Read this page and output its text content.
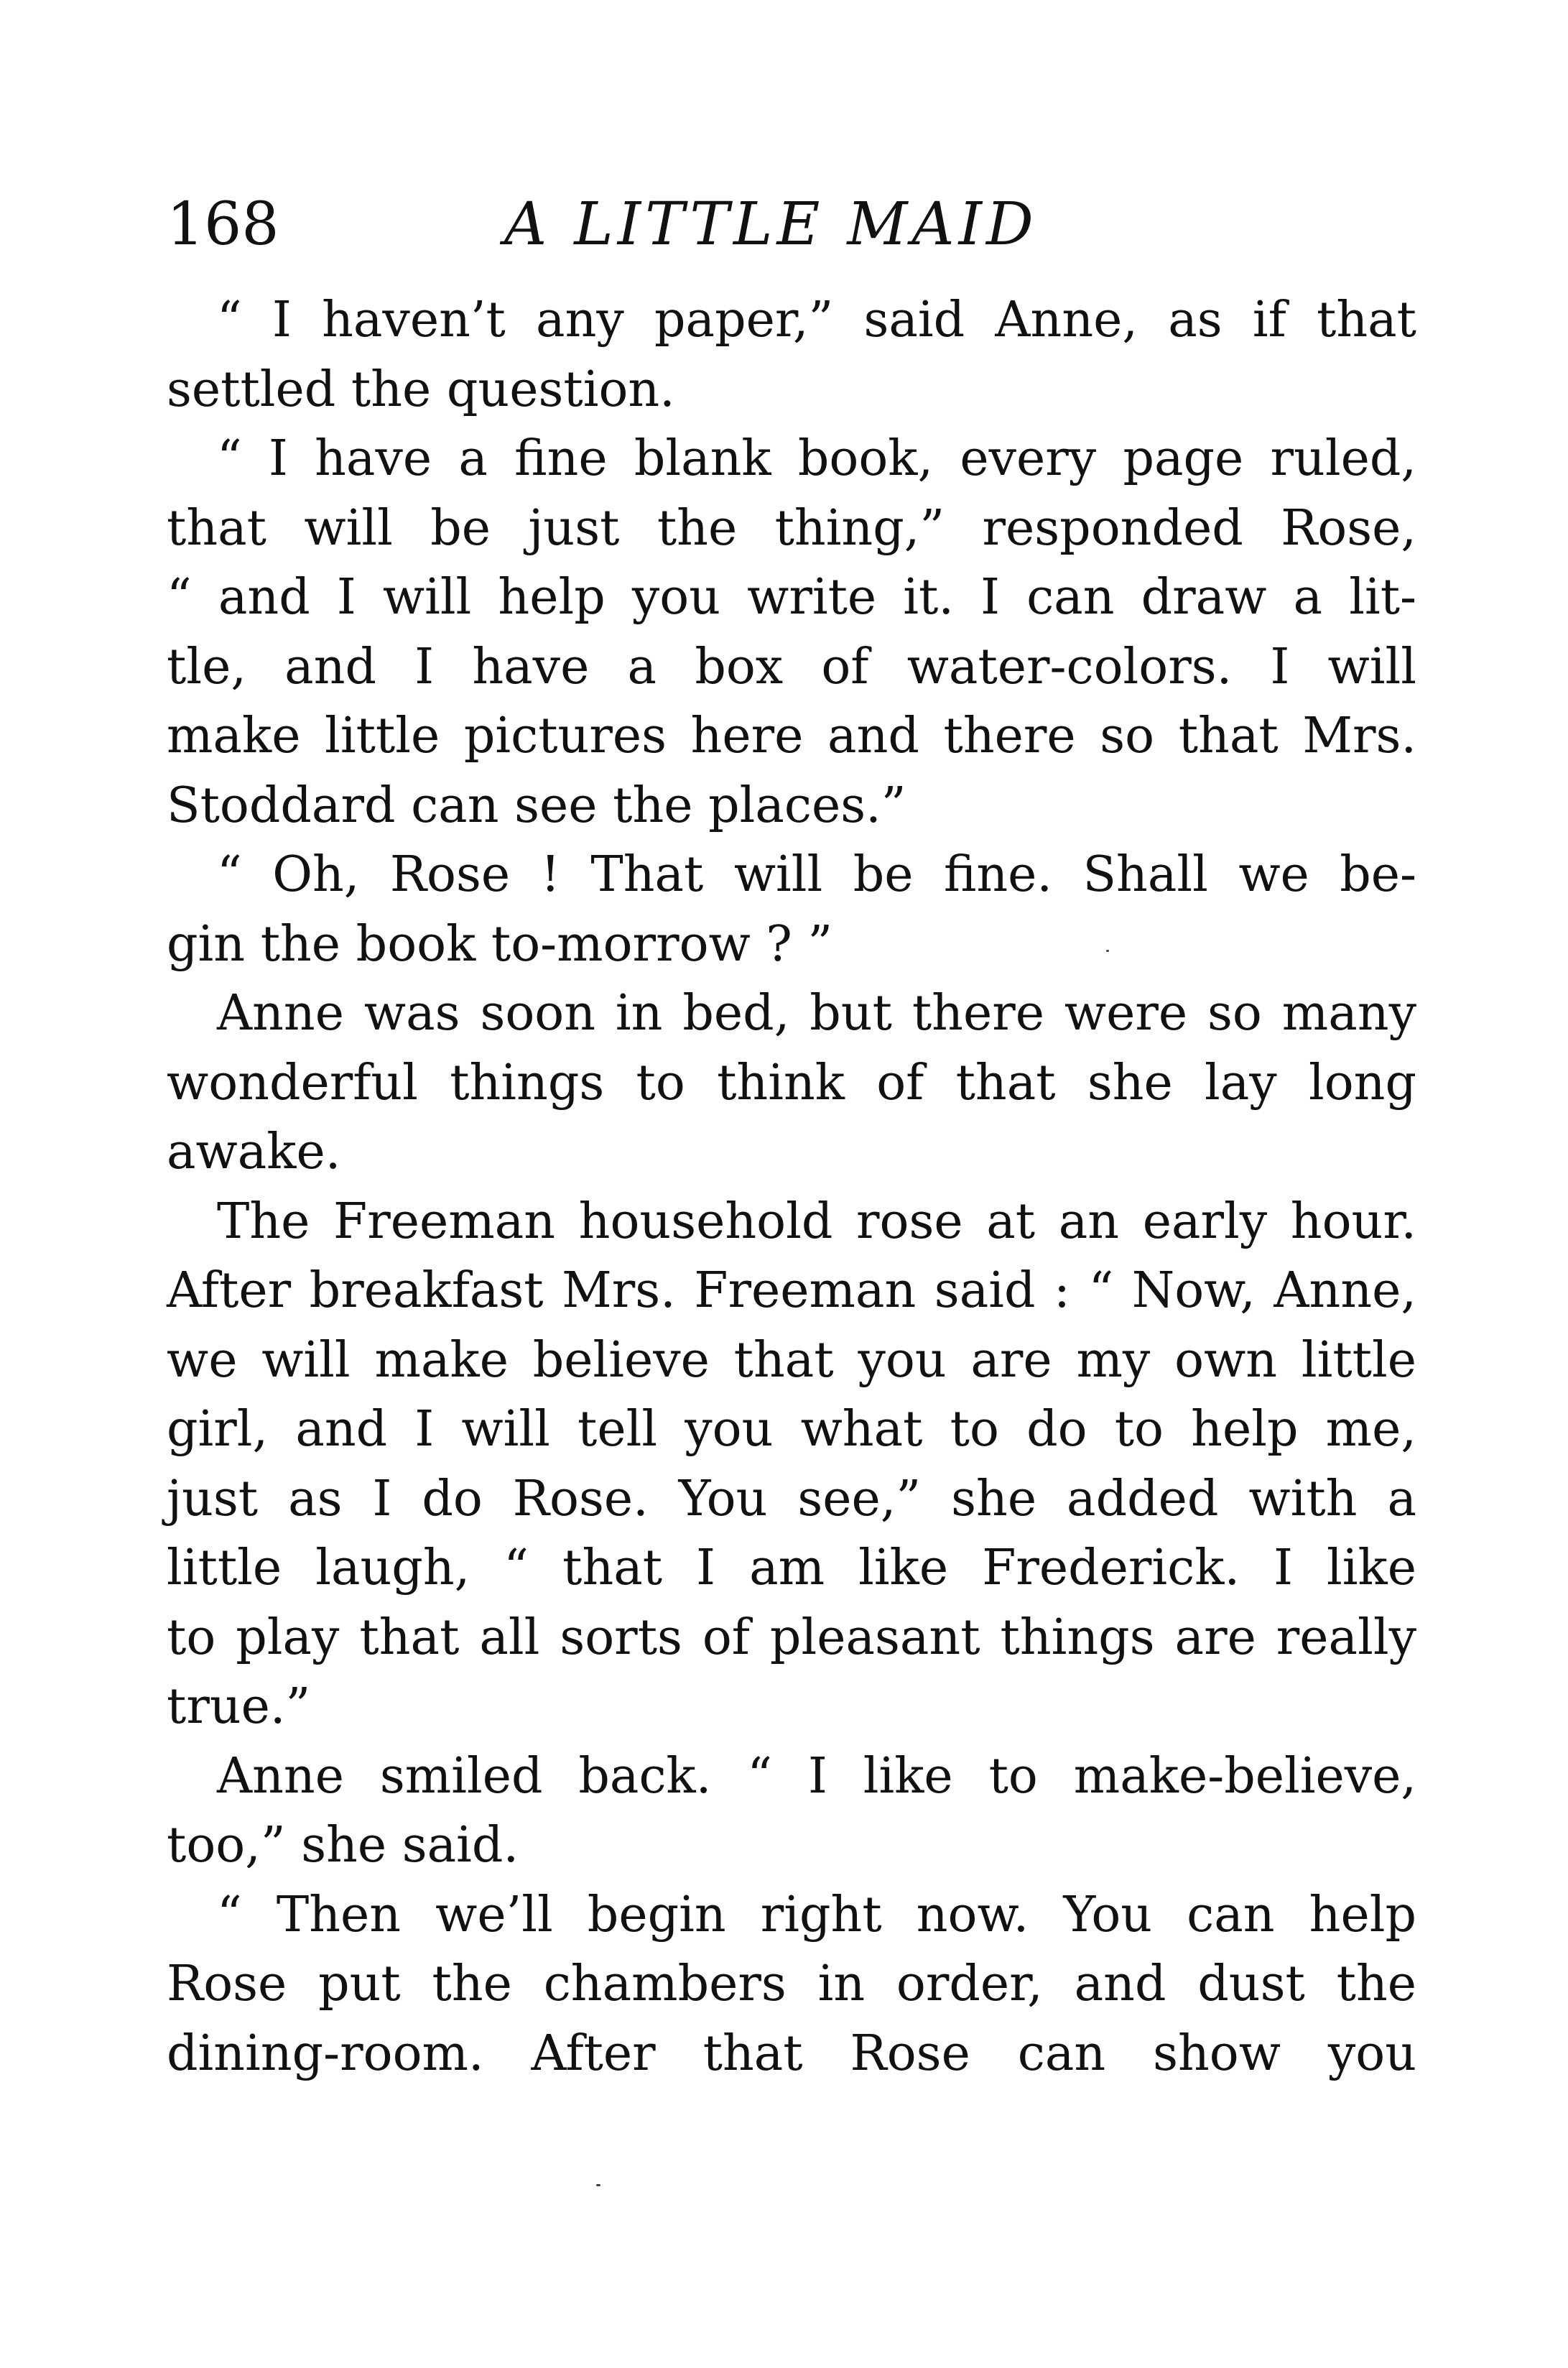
168	A LITTLE MAID
“ I haven’t any paper,” said Anne, as if that
settled the question.
“ I have a fine blank book, every page ruled,
that will be just the thing,” responded Rose,
“ and I will help you write it. I can draw a lit-
tle, and I have a box of water-colors. I will
make little pictures here and there so that Mrs.
Stoddard can see the places.”
“ Oh, Rose ! That will be fine. Shall we be-
gin the book to-morrow ? ”
Anne was soon in bed, but there were so many
wonderful things to think of that she lay long
awake.
The Freeman household rose at an early hour.
After breakfast Mrs. Freeman said : “ Now, Anne,
we will make believe that you are my own little
girl, and I will tell you what to do to help me,
just as I do Rose. You see,” she added with a
little laugh, “ that I am like Frederick. I like
to play that all sorts of pleasant things are really
true.”
Anne smiled back. “ I like to make-believe,
too,” she said.
“ Then we’ll begin right now. You can help
Rose put the chambers in order, and dust the
dining-room. After that Rose can show you
